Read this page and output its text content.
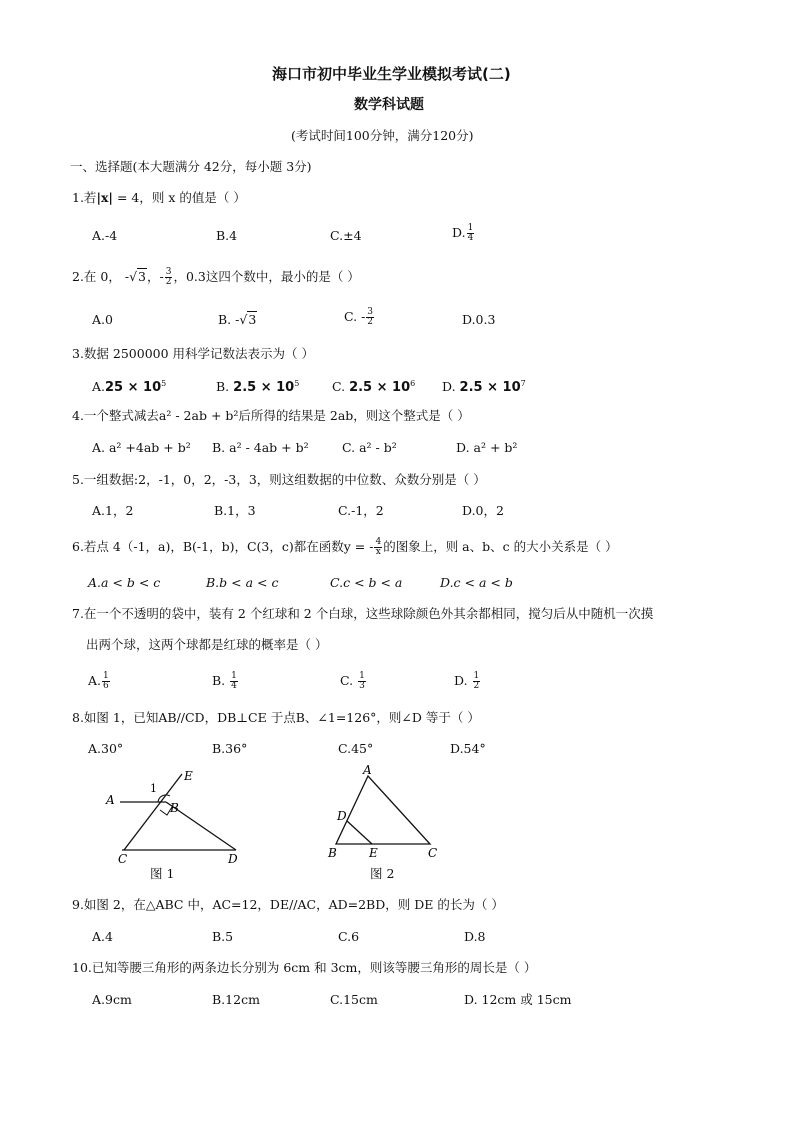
海口市初中毕业生学业模拟考试(二)
数学科试题
(考试时间100分钟，满分120分)
一、选择题(本大题满分 42分，每小题 3分)
1.若|x| = 4，则 x 的值是（ ）
A.-4	B.4	C.±4	D. $\frac{1}{4}$
2.在 0， -√3，- $\frac{3}{2}$ ，0.3这四个数中，最小的是（ ）
A.0	B. -√3	C. - $\frac{3}{2}$	D.0.3
3.数据 2500000 用科学记数法表示为（ ）
$A.25 \times 10^5$	B. $2.5 \times 10^5$	C. $2.5 \times 10^6$ D. $2.5 \times 10^7$
4.一个整式减去a² - 2ab + b²后所得的结果是 2ab，则这个整式是（ ）
A. a² +4ab + b² B. a² - 4ab + b²	C. a² - b²	D. a² + b²
5.一组数据:2，-1，0，2，-3，3，则这组数据的中位数、众数分别是（ ）
A.1，2	B.1，3	C.-1，2	D.0，2
6.若点 4（-1，a)，B(-1，b)，C(3，c)都在函数y = - $\frac{4}{x}$ 的图象上，则 a、b、c 的大小关系是（ ）
A.a < b < c	B.b < a < c	C.c < b < a	D.c < a < b
7.在一个不透明的袋中，装有 2 个红球和 2 个白球，这些球除颜色外其余都相同，搅匀后从中随机一次摸
出两个球，这两个球都是红球的概率是（ ）
A. $\frac{1}{6}$	B. $\frac{1}{4}$	C. $\frac{1}{3}$	D. $\frac{1}{2}$
8.如图 1，已知AB//CD，DB⊥CE 于点B、∠1=126°，则∠D 等于（ ）
A.30°	B.36°	C.45°	D.54°
A
B
C	D
E
1
图 1
A
B	C
D
E
图 2
9.如图 2，在△ABC 中，AC=12，DE//AC，AD=2BD，则 DE 的长为（ ）
A.4	B.5	C.6	D.8
10.已知等腰三角形的两条边长分别为 6cm 和 3cm，则该等腰三角形的周长是（ ）
A.9cm	B.12cm	C.15cm	D. 12cm 或 15cm
